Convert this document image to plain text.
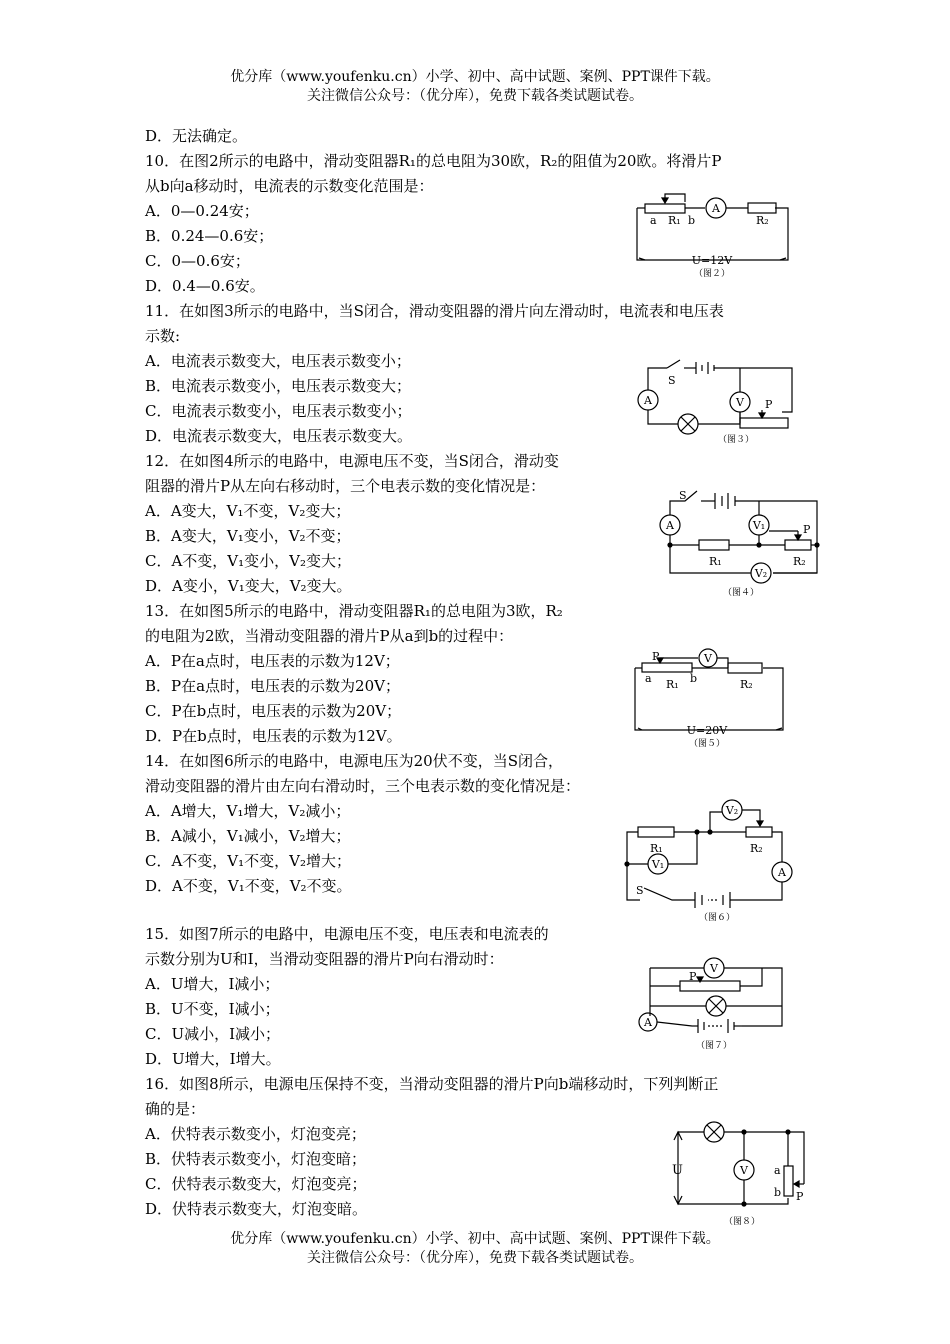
优分库（www.youfenku.cn）小学、初中、高中试题、案例、PPT课件下载。
关注微信公众号：（优分库），免费下载各类试题试卷。
D．无法确定。
10．在图2所示的电路中，滑动变阻器R₁的总电阻为30欧，R₂的阻值为20欧。将滑片P
从b向a移动时，电流表的示数变化范围是：
A．0—0.24安；
B．0.24—0.6安；
C．0—0.6安；
D．0.4—0.6安。
11．在如图3所示的电路中，当S闭合，滑动变阻器的滑片向左滑动时，电流表和电压表
示数:
A．电流表示数变大，电压表示数变小；
B．电流表示数变小，电压表示数变大；
C．电流表示数变小，电压表示数变小；
D．电流表示数变大，电压表示数变大。
12．在如图4所示的电路中，电源电压不变，当S闭合，滑动变
阻器的滑片P从左向右移动时，三个电表示数的变化情况是：
A．A变大，V₁不变，V₂变大；
B．A变大，V₁变小，V₂不变；
C．A不变，V₁变小，V₂变大；
D．A变小，V₁变大，V₂变大。
13．在如图5所示的电路中，滑动变阻器R₁的总电阻为3欧，R₂
的电阻为2欧，当滑动变阻器的滑片P从a到b的过程中：
A．P在a点时，电压表的示数为12V；
B．P在a点时，电压表的示数为20V；
C．P在b点时，电压表的示数为20V；
D．P在b点时，电压表的示数为12V。
14．在如图6所示的电路中，电源电压为20伏不变，当S闭合，
滑动变阻器的滑片由左向右滑动时，三个电表示数的变化情况是：
A．A增大，V₁增大，V₂减小；
B．A减小，V₁减小，V₂增大；
C．A不变，V₁不变，V₂增大；
D．A不变，V₁不变，V₂不变。
15．如图7所示的电路中，电源电压不变，电压表和电流表的
示数分别为U和I，当滑动变阻器的滑片P向右滑动时：
A．U增大，I减小；
B．U不变，I减小；
C．U减小，I减小；
D．U增大，I增大。
16．如图8所示，电源电压保持不变，当滑动变阻器的滑片P向b端移动时，下列判断正
确的是：
A．伏特表示数变小，灯泡变亮；
B．伏特表示数变小，灯泡变暗；
C．伏特表示数变大，灯泡变亮；
D．伏特表示数变大，灯泡变暗。
A
a R₁ b	R₂
U=12V
（图２）
A	V
S
P
（图３）
A	V₁
V₂
S
P
R₁	R₂
（图４）
V
P
a R₁ b	R₂
U=20V
（图５）
A
V₁
V₂
R₁	R₂
S
（图６）
V
P
A
（图７）
U	V a
b P
（图８）
优分库（www.youfenku.cn）小学、初中、高中试题、案例、PPT课件下载。
关注微信公众号：（优分库），免费下载各类试题试卷。
